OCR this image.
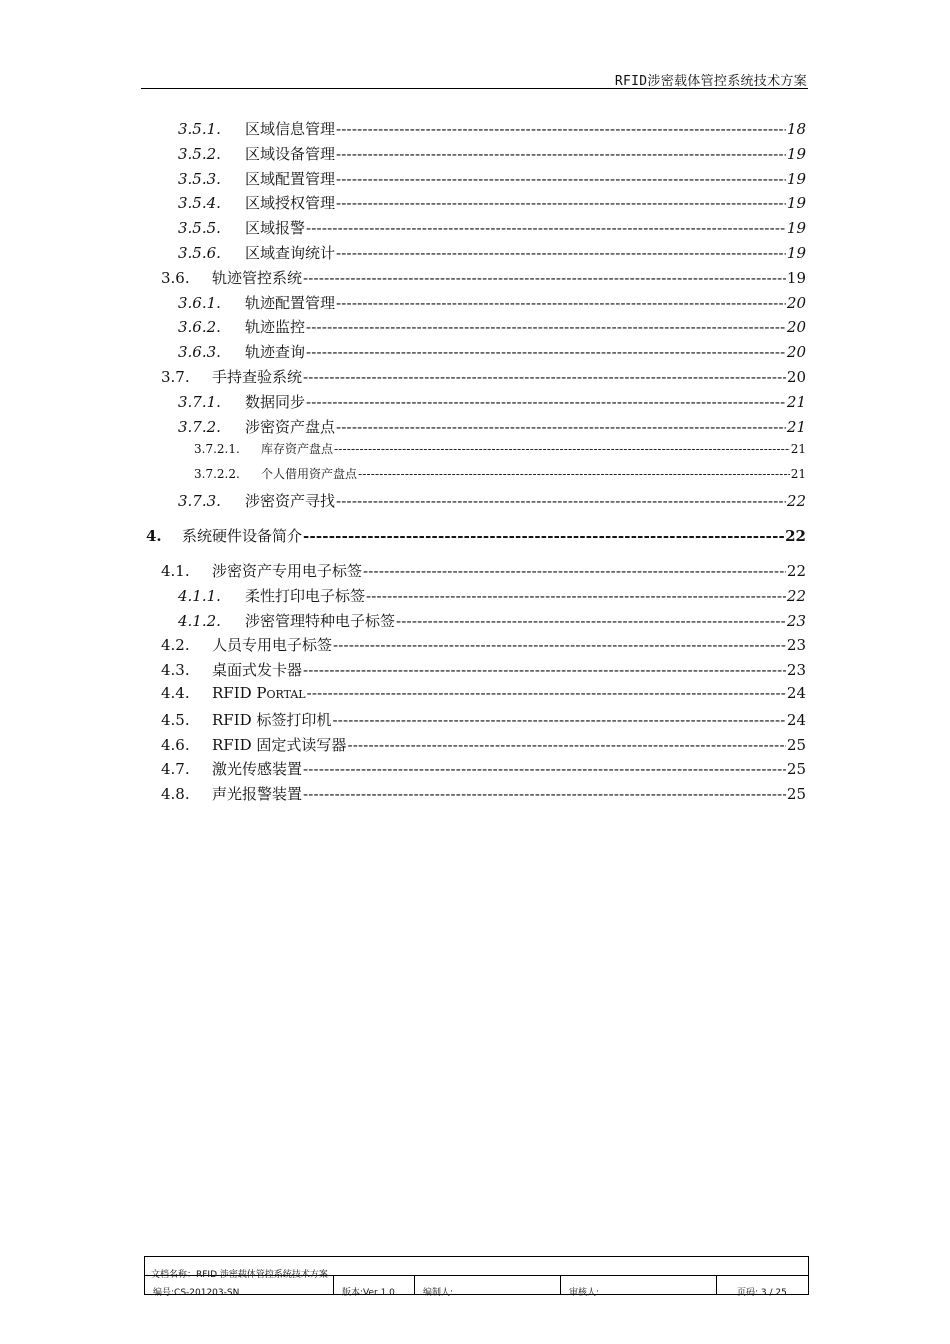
RFID涉密载体管控系统技术方案
3.5.1.	区域信息管理 -----	18
3.5.2.	区域设备管理 -----	19
3.5.3.	区域配置管理 -----	19
3.5.4.	区域授权管理 -----	19
3.5.5.	区域报警 -----	19
3.5.6.	区域查询统计 -----	19
3.6.	轨迹管控系统 -----	19
3.6.1.	轨迹配置管理 -----	20
3.6.2.	轨迹监控 -----	20
3.6.3.	轨迹查询 -----	20
3.7.	手持查验系统 -----	20
3.7.1.	数据同步 -----	21
3.7.2.	涉密资产盘点 -----	21
3.7.2.1.	库存资产盘点 -----	21
3.7.2.2.	个人借用资产盘点 -----	21
3.7.3.	涉密资产寻找 -----	22
4.	系统硬件设备简介 -----	22
4.1.	涉密资产专用电子标签 -----	22
4.1.1.	柔性打印电子标签 -----	22
4.1.2.	涉密管理特种电子标签 -----	23
4.2.	人员专用电子标签 -----	23
4.3.	桌面式发卡器 -----	23
4.4.	RFID PORTAL -----	24
4.5.	RFID 标签打印机 -----	24
4.6.	RFID 固定式读写器 -----	25
4.7.	激光传感装置 -----	25
4.8.	声光报警装置 -----	25
文档名称：RFID 涉密载体管控系统技术方案
编号:CS-201203-SN	版本:Ver 1.0	编制人:	审核人:	页码: 3 / 25
